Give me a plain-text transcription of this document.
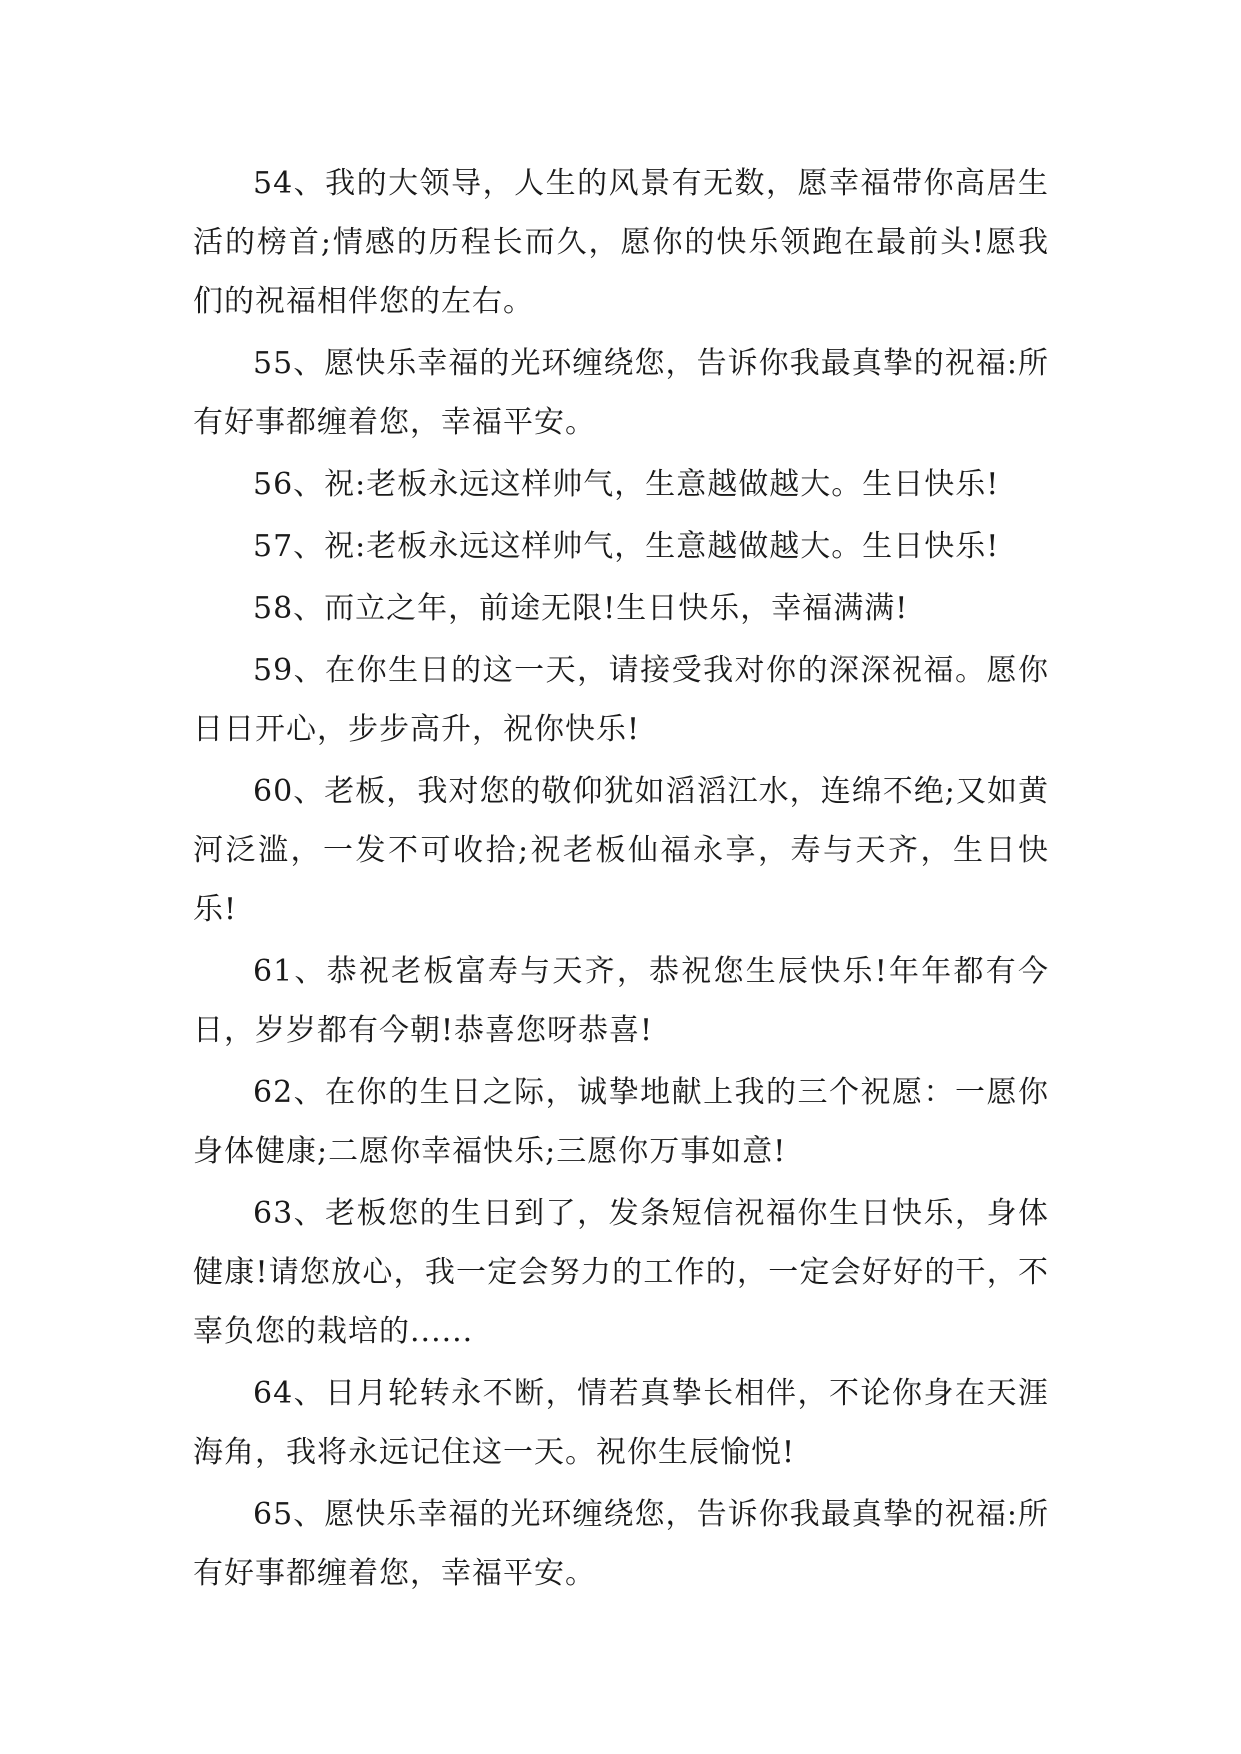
54、我的大领导，人生的风景有无数，愿幸福带你高居生活的榜首;情感的历程长而久，愿你的快乐领跑在最前头!愿我们的祝福相伴您的左右。

55、愿快乐幸福的光环缠绕您，告诉你我最真挚的祝福:所有好事都缠着您，幸福平安。

56、祝:老板永远这样帅气，生意越做越大。生日快乐!

57、祝:老板永远这样帅气，生意越做越大。生日快乐!

58、而立之年，前途无限!生日快乐，幸福满满!

59、在你生日的这一天，请接受我对你的深深祝福。愿你日日开心，步步高升，祝你快乐!

60、老板，我对您的敬仰犹如滔滔江水，连绵不绝;又如黄河泛滥，一发不可收拾;祝老板仙福永享，寿与天齐，生日快乐!

61、恭祝老板富寿与天齐，恭祝您生辰快乐!年年都有今日，岁岁都有今朝!恭喜您呀恭喜!

62、在你的生日之际，诚挚地献上我的三个祝愿：一愿你身体健康;二愿你幸福快乐;三愿你万事如意!

63、老板您的生日到了，发条短信祝福你生日快乐，身体健康!请您放心，我一定会努力的工作的，一定会好好的干，不辜负您的栽培的......

64、日月轮转永不断，情若真挚长相伴，不论你身在天涯海角，我将永远记住这一天。祝你生辰愉悦!

65、愿快乐幸福的光环缠绕您，告诉你我最真挚的祝福:所有好事都缠着您，幸福平安。
